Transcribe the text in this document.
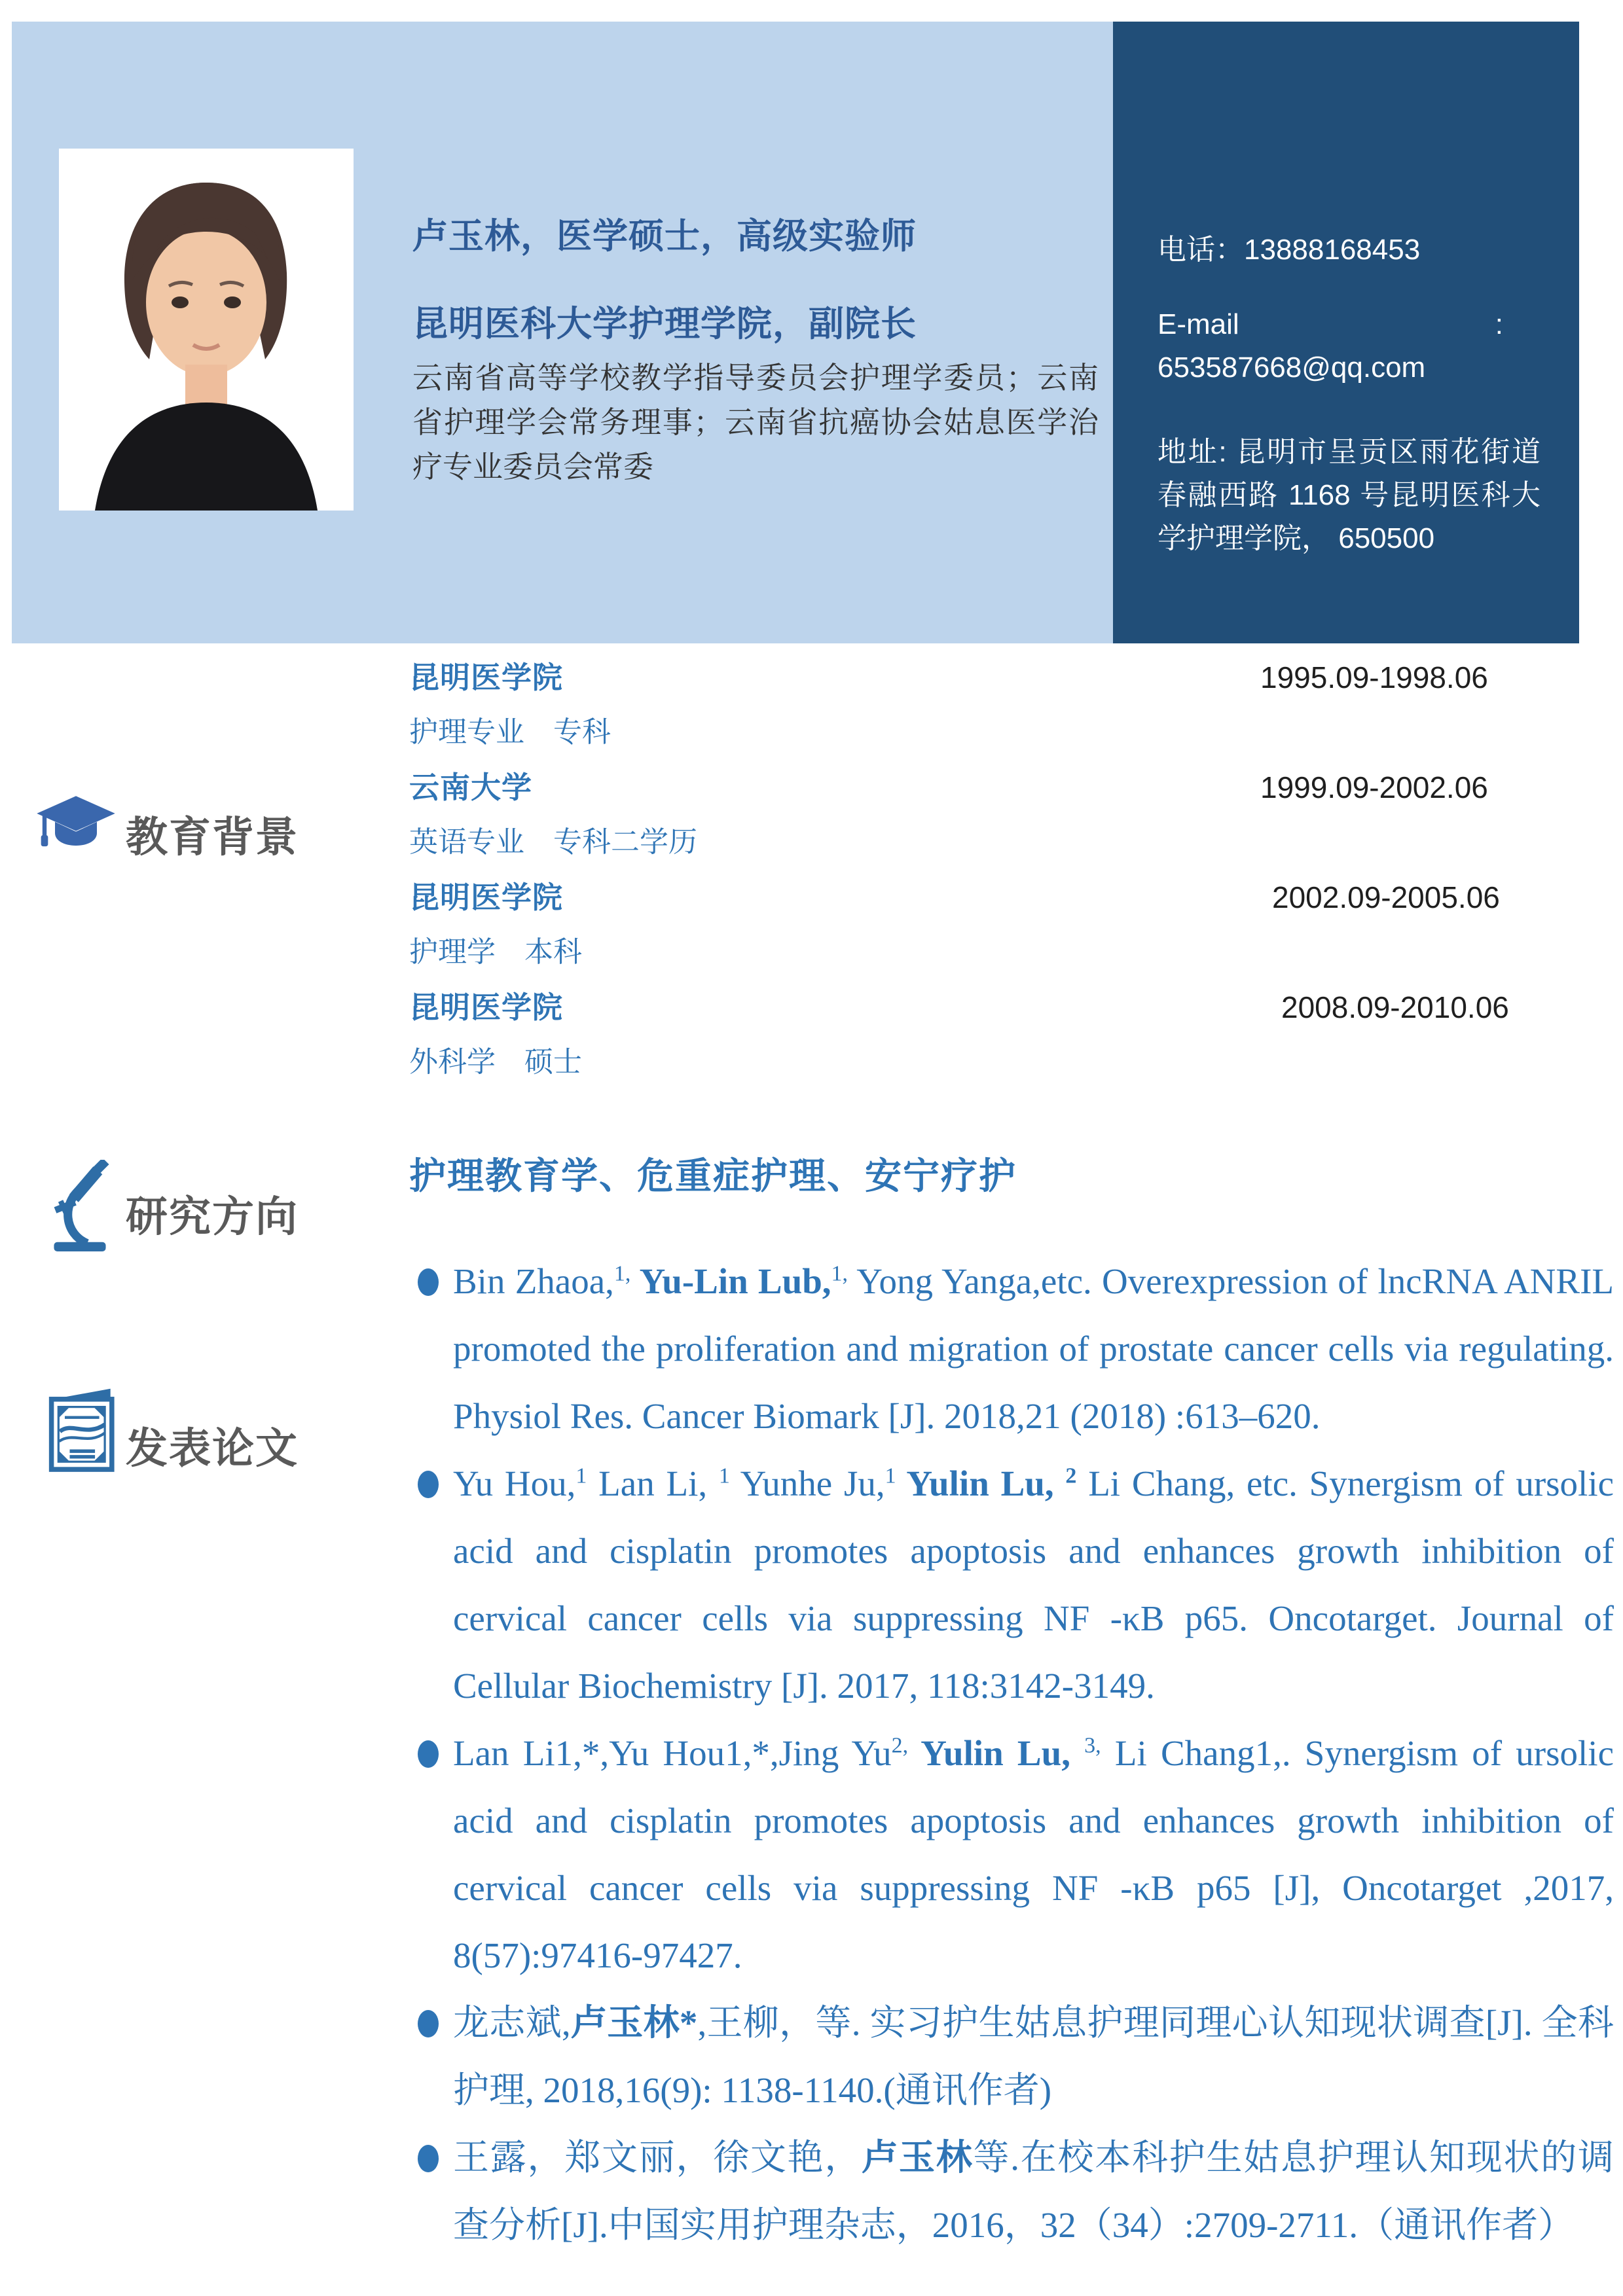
卢玉林，医学硕士，高级实验师
昆明医科大学护理学院，副院长
云南省高等学校教学指导委员会护理学委员；云南省护理学会常务理事；云南省抗癌协会姑息医学治疗专业委员会常委
电话：13888168453
E-mail	:
653587668@qq.com
地址: 昆明市呈贡区雨花街道春融西路 1168 号昆明医科大学护理学院， 650500
教育背景
昆明医学院	1995.09-1998.06
护理专业　专科
云南大学	1999.09-2002.06
英语专业　专科二学历
昆明医学院	2002.09-2005.06
护理学　本科
昆明医学院	2008.09-2010.06
外科学　硕士
研究方向
护理教育学、危重症护理、安宁疗护
发表论文
Bin Zhaoa,$^{1,}$ Yu-Lin Lub,$^{1,}$ Yong Yanga,etc. Overexpression of lncRNA ANRIL promoted the proliferation and migration of prostate cancer cells via regulating. Physiol Res. Cancer Biomark [J]. 2018,21 (2018) :613–620.
Yu Hou,$^1$ Lan Li, $^1$ Yunhe Ju,$^1$ Yulin Lu, $^2$ Li Chang, etc. Synergism of ursolic acid and cisplatin promotes apoptosis and enhances growth inhibition of cervical cancer cells via suppressing NF -κB p65. Oncotarget. Journal of Cellular Biochemistry [J]. 2017, 118:3142-3149.
Lan Li1,*,Yu Hou1,*,Jing $Yu^{2,}$ Yulin Lu, $^{3,}$ Li Chang1,. Synergism of ursolic acid and cisplatin promotes apoptosis and enhances growth inhibition of cervical cancer cells via suppressing NF -κB p65 [J], Oncotarget ,2017, 8(57):97416-97427.
龙志斌,卢玉林*,王柳，等. 实习护生姑息护理同理心认知现状调查[J]. 全科护理, 2018,16(9): 1138-1140.(通讯作者)
王露，郑文丽，徐文艳，卢玉林等.在校本科护生姑息护理认知现状的调查分析[J].中国实用护理杂志，2016，32（34）:2709-2711.（通讯作者）
